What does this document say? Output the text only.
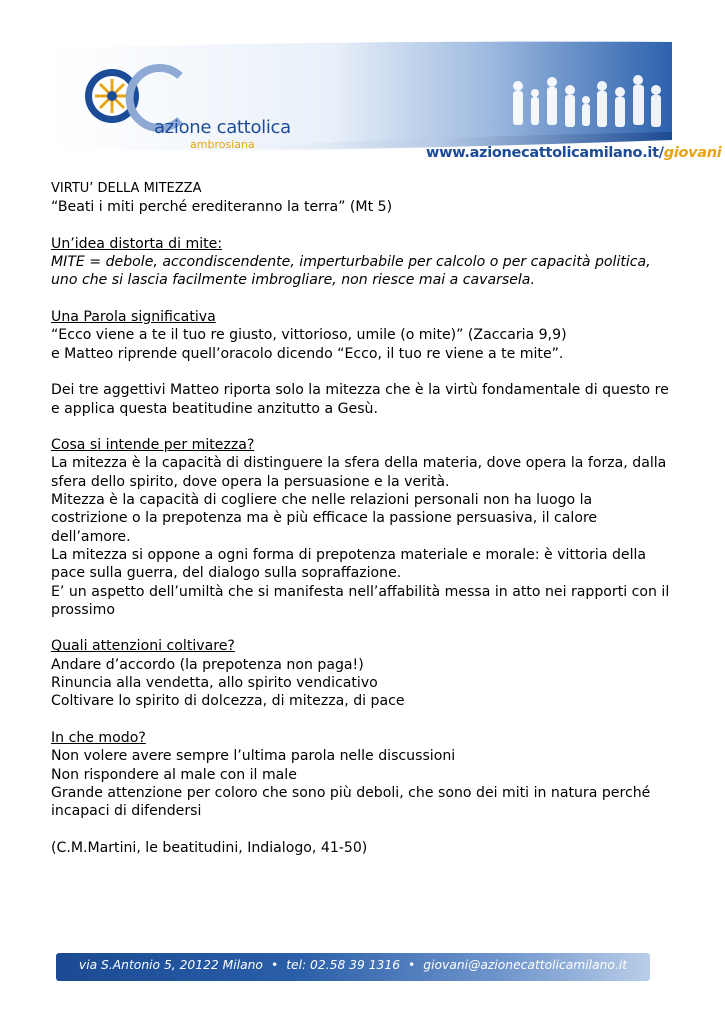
azione cattolica
ambrosiana
www.azionecattolicamilano.it/giovani

VIRTU’ DELLA MITEZZA

“Beati i miti perché erediteranno la terra” (Mt 5)

Un’idea distorta di mite:

MITE = debole, accondiscendente, imperturbabile per calcolo o per capacità politica,

uno che si lascia facilmente imbrogliare, non riesce mai a cavarsela.

Una Parola significativa

“Ecco viene a te il tuo re giusto, vittorioso, umile (o mite)” (Zaccaria 9,9)

e Matteo riprende quell’oracolo dicendo “Ecco, il tuo re viene a te mite”.

Dei tre aggettivi Matteo riporta solo la mitezza che è la virtù fondamentale di questo re

e applica questa beatitudine anzitutto a Gesù.

Cosa si intende per mitezza?

La mitezza è la capacità di distinguere la sfera della materia, dove opera la forza, dalla

sfera dello spirito, dove opera la persuasione e la verità.

Mitezza è la capacità di cogliere che nelle relazioni personali non ha luogo la

costrizione o la prepotenza ma è più efficace la passione persuasiva, il calore

dell’amore.

La mitezza si oppone a ogni forma di prepotenza materiale e morale: è vittoria della

pace sulla guerra, del dialogo sulla sopraffazione.

E’ un aspetto dell’umiltà che si manifesta nell’affabilità messa in atto nei rapporti con il

prossimo

Quali attenzioni coltivare?

Andare d’accordo (la prepotenza non paga!)

Rinuncia alla vendetta, allo spirito vendicativo

Coltivare lo spirito di dolcezza, di mitezza, di pace

In che modo?

Non volere avere sempre l’ultima parola nelle discussioni

Non rispondere al male con il male

Grande attenzione per coloro che sono più deboli, che sono dei miti in natura perché

incapaci di difendersi

(C.M.Martini, le beatitudini, Indialogo, 41-50)

via S.Antonio 5, 20122 Milano • tel: 02.58 39 1316 • giovani@azionecattolicamilano.it
